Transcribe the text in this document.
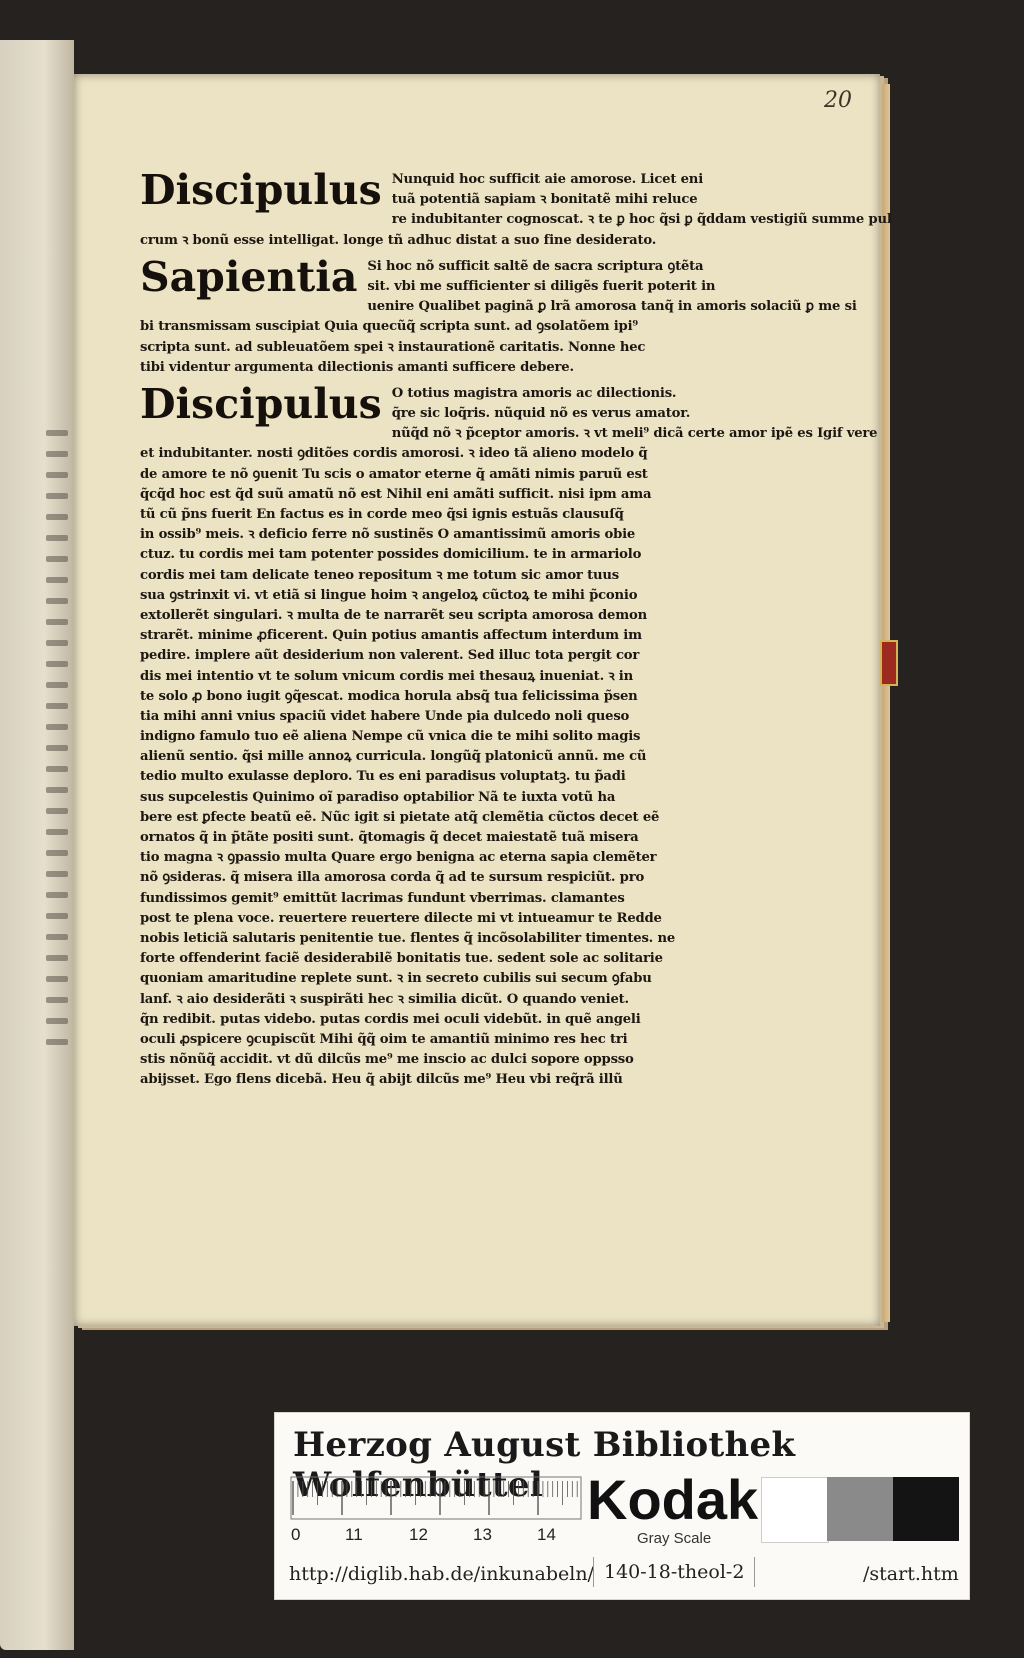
20
Discipulus Nunquid hoc sufficit aie amorose. Licet eni
tuã potentiã sapiam ꝛ bonitatẽ mihi reluce
re indubitanter cognoscat. ꝛ te ꝑ hoc q̃si ꝑ q̃ddam vestigiũ summe pul
crum ꝛ bonũ esse intelligat. longe tñ adhuc distat a suo fine desiderato.
Sapientia Si hoc nõ sufficit saltẽ de sacra scriptura ꝯtẽta
sit. vbi me sufficienter si diligẽs fuerit poterit in
uenire Qualibet paginã ꝑ lrã amorosa tanq̃ in amoris solaciũ ꝑ me si
bi transmissam suscipiat Quia quecũq̃ scripta sunt. ad ꝯsolatõem ipi⁹
scripta sunt. ad subleuatõem spei ꝛ instaurationẽ caritatis. Nonne hec
tibi videntur argumenta dilectionis amanti sufficere debere.
Discipulus O totius magistra amoris ac dilectionis.
q̃re sic loq̃ris. nũquid nõ es verus amator.
nũq̃d nõ ꝛ p̃ceptor amoris. ꝛ vt meli⁹ dicã certe amor ipẽ es Igif vere
et indubitanter. nosti ꝯditões cordis amorosi. ꝛ ideo tã alieno modelo q̃
de amore te nõ ꝯuenit Tu scis o amator eterne q̃ amãti nimis paruũ est
q̃cq̃d hoc est q̃d suũ amatũ nõ est Nihil eni amãti sufficit. nisi ipm ama
tũ cũ p̃ns fuerit En factus es in corde meo q̃si ignis estuãs clausuſq̃
in ossib⁹ meis. ꝛ deficio ferre nõ sustinẽs O amantissimũ amoris obie
ctuz. tu cordis mei tam potenter possides domicilium. te in armariolo
cordis mei tam delicate teneo repositum ꝛ me totum sic amor tuus
sua ꝯstrinxit vi. vt etiã si lingue hoim ꝛ angeloꝝ cũctoꝝ te mihi p̃conio
extollerẽt singulari. ꝛ multa de te narrarẽt seu scripta amorosa demon
strarẽt. minime ꝓficerent. Quin potius amantis affectum interdum im
pedire. implere aũt desiderium non valerent. Sed illuc tota pergit cor
dis mei intentio vt te solum vnicum cordis mei thesauꝝ inueniat. ꝛ in
te solo ꝓ bono iugit ꝯq̃escat. modica horula absq̃ tua felicissima p̃sen
tia mihi anni vnius spaciũ videt habere Unde pia dulcedo noli queso
indigno famulo tuo eẽ aliena Nempe cũ vnica die te mihi solito magis
alienũ sentio. q̃si mille annoꝝ curricula. longũq̃ platonicũ annũ. me cũ
tedio multo exulasse deploro. Tu es eni paradisus voluptatꝫ. tu p̃adi
sus supcelestis Quinimo oĩ paradiso optabilior Nã te iuxta votũ ha
bere est ꝑfecte beatũ eẽ. Nũc igit si pietate atq̃ clemẽtia cũctos decet eẽ
ornatos q̃ in p̃tãte positi sunt. q̃tomagis q̃ decet maiestatẽ tuã misera
tio magna ꝛ ꝯpassio multa Quare ergo benigna ac eterna sapia clemẽter
nõ ꝯsideras. q̃ misera illa amorosa corda q̃ ad te sursum respiciũt. pro
fundissimos gemit⁹ emittũt lacrimas fundunt vberrimas. clamantes
post te plena voce. reuertere reuertere dilecte mi vt intueamur te Redde
nobis leticiã salutaris penitentie tue. flentes q̃ incõsolabiliter timentes. ne
forte offenderint faciẽ desiderabilẽ bonitatis tue. sedent sole ac solitarie
quoniam amaritudine replete sunt. ꝛ in secreto cubilis sui secum ꝯfabu
lanf. ꝛ aio desiderãti ꝛ suspirãti hec ꝛ similia dicũt. O quando veniet.
q̃n redibit. putas videbo. putas cordis mei oculi videbũt. in quẽ angeli
oculi ꝓspicere ꝯcupiscũt Mihi q̃q̃ oim te amantiũ minimo res hec tri
stis nõnũq̃ accidit. vt dũ dilcũs me⁹ me inscio ac dulci sopore oppsso
abijsset. Ego flens dicebã. Heu q̃ abijt dilcũs me⁹ Heu vbi req̃rã illũ
Herzog August Bibliothek Wolfenbüttel
0	11	12	13	14
Kodak
Gray Scale
http://diglib.hab.de/inkunabeln/ 140-18-theol-2	/start.htm
